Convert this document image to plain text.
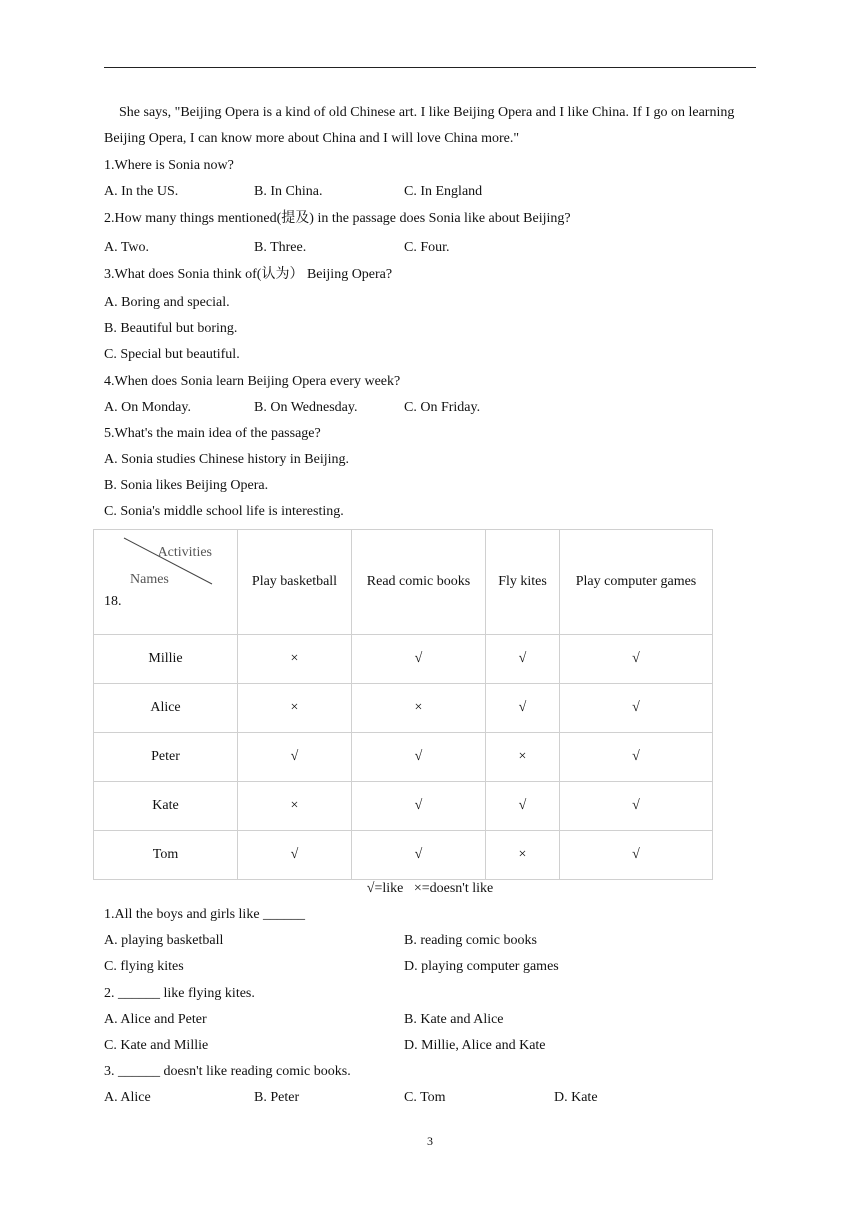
She says, "Beijing Opera is a kind of old Chinese art. I like Beijing Opera and I like China. If I go on learning Beijing Opera, I can know more about China and I will love China more."
1.Where is Sonia now?
A. In the US.	B. In China.	C. In England
2.How many things mentioned(提及) in the passage does Sonia like about Beijing?
A. Two.	B. Three.	C. Four.
3.What does Sonia think of(认为） Beijing Opera?
A. Boring and special.
B. Beautiful but boring.
C. Special but beautiful.
4.When does Sonia learn Beijing Opera every week?
A. On Monday.	B. On Wednesday.	C. On Friday.
5.What's the main idea of the passage?
A. Sonia studies Chinese history in Beijing.
B. Sonia likes Beijing Opera.
C. Sonia's middle school life is interesting.
18.
Activities
Names	Play basketball	Read comic books	Fly kites	Play computer games
Millie	×	√	√	√
Alice	×	×	√	√
Peter	√	√	×	√
Kate	×	√	√	√
Tom	√	√	×	√
√=like   ×=doesn't like
1.All the boys and girls like ______
A. playing basketball	B. reading comic books
C. flying kites	D. playing computer games
2. ______ like flying kites.
A. Alice and Peter	B. Kate and Alice
C. Kate and Millie	D. Millie, Alice and Kate
3. ______ doesn't like reading comic books.
A. Alice	B. Peter	C. Tom	D. Kate
3
